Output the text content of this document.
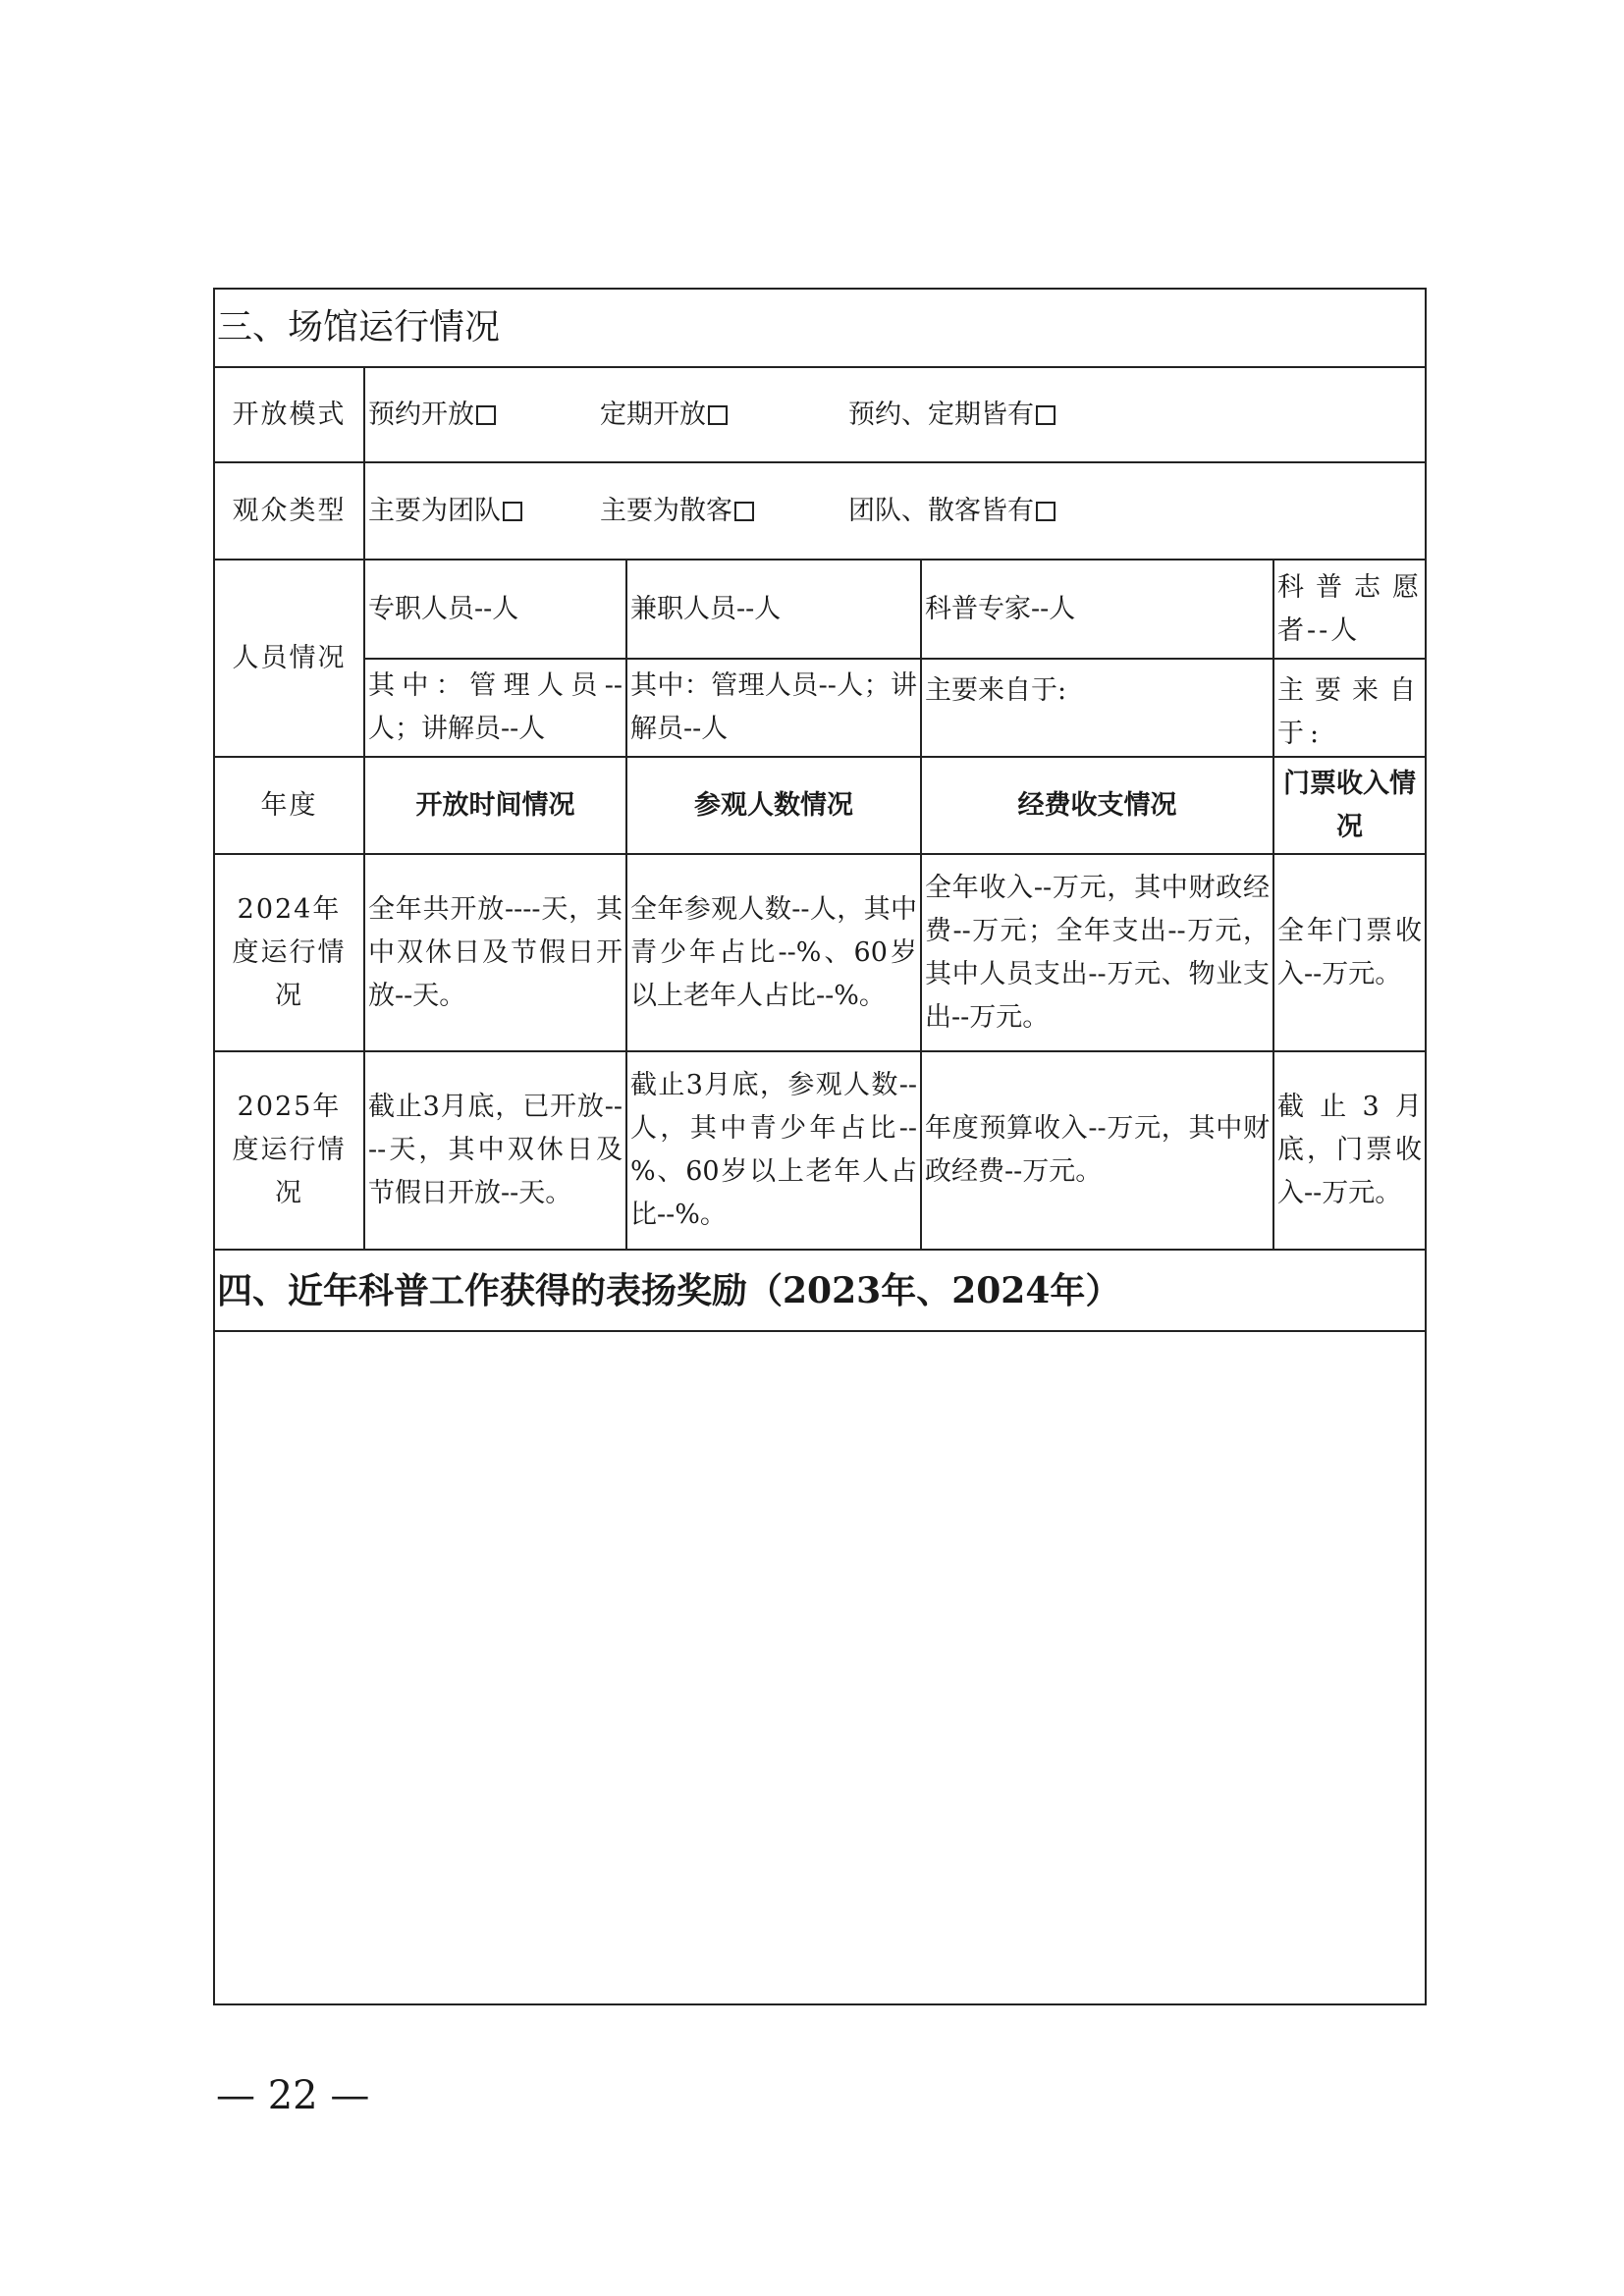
三、场馆运行情况				
开放模式	预约开放 定期开放 预约、定期皆有			
观众类型	主要为团队 主要为散客 团队、散客皆有			
人员情况	专职人员--人	兼职人员--人	科普专家--人	科普志愿者--人
	其中：管理人员--人；讲解员--人	其中：管理人员--人；讲解员--人	主要来自于:	主要来自于:
年度	开放时间情况	参观人数情况	经费收支情况	门票收入情况
2024年度运行情况	全年共开放----天，其中双休日及节假日开放--天。	全年参观人数--人，其中青少年占比--%、60岁以上老年人占比--%。	全年收入--万元，其中财政经费--万元；全年支出--万元，其中人员支出--万元、物业支出--万元。	全年门票收入--万元。
2025年度运行情况	截止3月底，已开放----天，其中双休日及节假日开放--天。	截止3月底，参观人数--人，其中青少年占比--%、60岁以上老年人占比--%。	年度预算收入--万元，其中财政经费--万元。	截止3月底，门票收入--万元。
四、近年科普工作获得的表扬奖励（2023年、2024年）				

— 22 —
